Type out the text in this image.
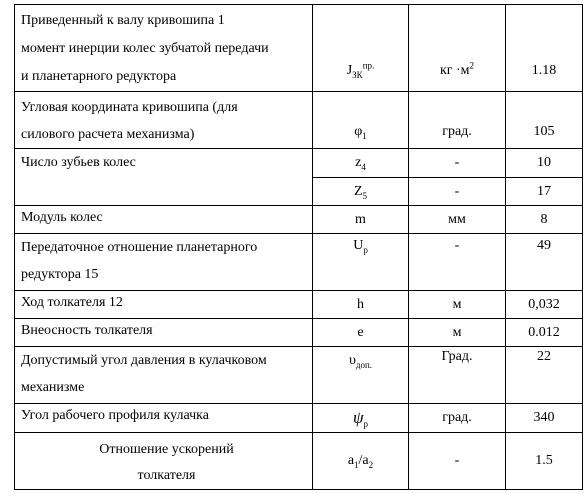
Приведенный к валу кривошипа 1
момент инерции колес зубчатой передачи
и планетарного редуктора	$J_{ЗК}^{пр.}$	кг $\cdot м^2$	1.18

Угловая координата кривошипа (для
силового расчета механизма)	$\varphi_1$	град.	105

Число зубьев колес	$z_4$	-	10
	$Z_5$	-	17

Модуль колес	m	мм	8

Передаточное отношение планетарного
редуктора 15	$U_р$	-	49

Ход толкателя 12	h	м	0,032

Внеосность толкателя	e	м	0.012

Допустимый угол давления в кулачковом
механизме	$\upsilon_{доп.}$	Град.	22

Угол рабочего профиля кулачка	$\psi_р$	град.	340

Отношение ускорений
толкателя	$a_1/a_2$	-	1.5
